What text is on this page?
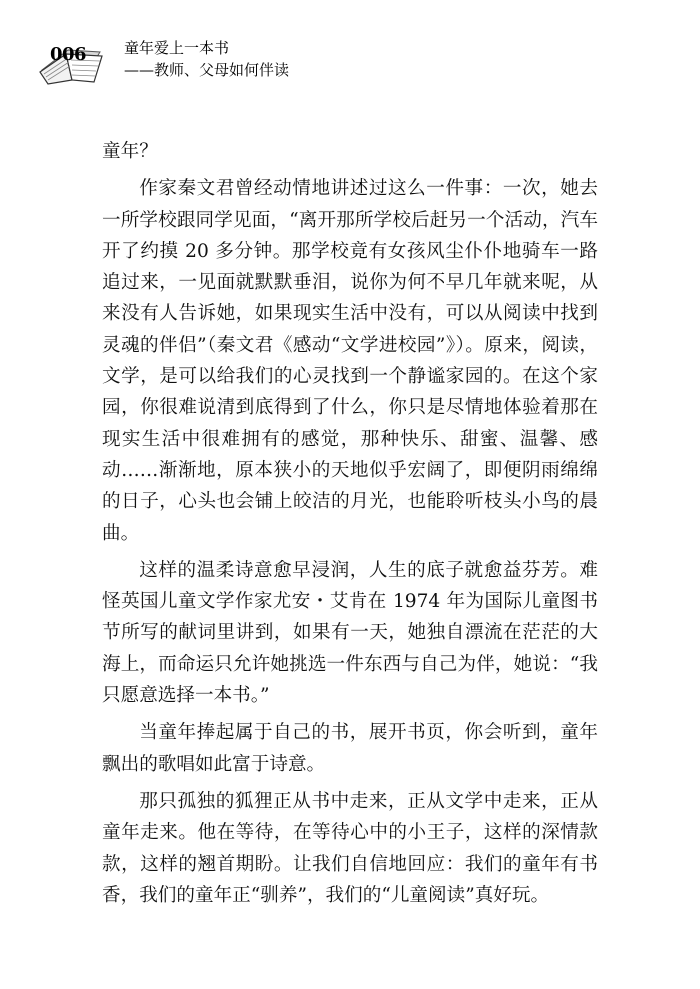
006	童年爱上一本书
——教师、父母如何伴读

童年？

作家秦文君曾经动情地讲述过这么一件事：一次，她去一所学校跟同学见面，“离开那所学校后赶另一个活动，汽车开了约摸 20 多分钟。那学校竟有女孩风尘仆仆地骑车一路追过来，一见面就默默垂泪，说你为何不早几年就来呢，从来没有人告诉她，如果现实生活中没有，可以从阅读中找到灵魂的伴侣”（秦文君《感动“文学进校园”》）。原来，阅读，文学，是可以给我们的心灵找到一个静谧家园的。在这个家园，你很难说清到底得到了什么，你只是尽情地体验着那在现实生活中很难拥有的感觉，那种快乐、甜蜜、温馨、感动……渐渐地，原本狭小的天地似乎宏阔了，即便阴雨绵绵的日子，心头也会铺上皎洁的月光，也能聆听枝头小鸟的晨曲。

这样的温柔诗意愈早浸润，人生的底子就愈益芬芳。难怪英国儿童文学作家尤安・艾肯在 1974 年为国际儿童图书节所写的献词里讲到，如果有一天，她独自漂流在茫茫的大海上，而命运只允许她挑选一件东西与自己为伴，她说：“我只愿意选择一本书。”

当童年捧起属于自己的书，展开书页，你会听到，童年飘出的歌唱如此富于诗意。

那只孤独的狐狸正从书中走来，正从文学中走来，正从童年走来。他在等待，在等待心中的小王子，这样的深情款款，这样的翘首期盼。让我们自信地回应：我们的童年有书香，我们的童年正“驯养”，我们的“儿童阅读”真好玩。
